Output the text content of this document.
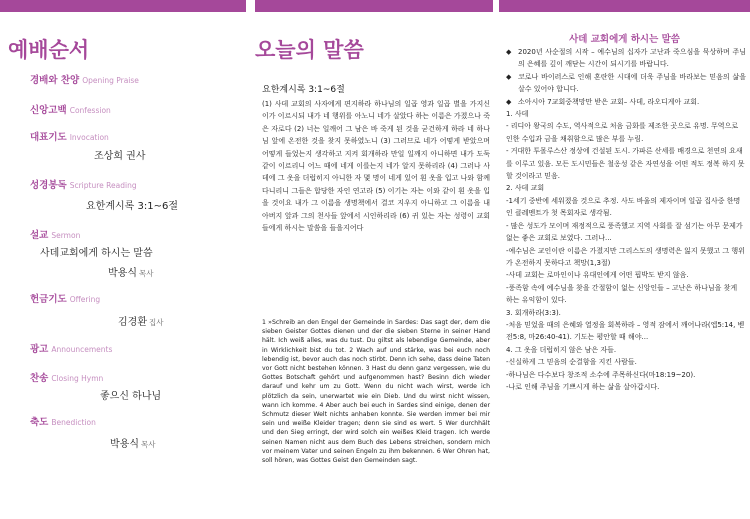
예배순서
경배와 찬양 Opening Praise
신앙고백 Confession
대표기도 Invocation
조상희 권사
성경봉독 Scripture Reading
요한계시록 3:1~6절
설교 Sermon
사데교회에게 하시는 말씀
박용식 목사
헌금기도 Offering
김경환 집사
광고 Announcements
찬송 Closing Hymn
좋으신 하나님
축도 Benediction
박용식 목사
오늘의 말씀
요한계시록 3:1~6절

(1) 사데 교회의 사자에게 편지하라 하나님의 일곱 영과 일곱 별을 가지신 이가 이르시되 내가 네 행위를 아노니 네가 살았다 하는 이름은 가졌으나 죽은 자로다 (2) 너는 일깨어 그 남은 바 죽게 된 것을 굳건하게 하라 네 하나님 앞에 온전한 것을 찾지 못하였노니 (3) 그러므로 네가 어떻게 받았으며 어떻게 들었는지 생각하고 지켜 회개하라 만일 일깨지 아니하면 내가 도둑 같이 이르리니 어느 때에 네게 이를는지 네가 알지 못하리라 (4) 그러나 사데에 그 옷을 더럽히지 아니한 자 몇 명이 네게 있어 흰 옷을 입고 나와 함께 다니리니 그들은 합당한 자인 연고라 (5) 이기는 자는 이와 같이 흰 옷을 입을 것이요 내가 그 이름을 생명책에서 결코 지우지 아니하고 그 이름을 내 아버지 앞과 그의 천사들 앞에서 시인하리라 (6) 귀 있는 자는 성령이 교회들에게 하시는 말씀을 들을지어다

1 »Schreib an den Engel der Gemeinde in Sardes: Das sagt der, dem die sieben Geister Gottes dienen und der die sieben Sterne in seiner Hand hält. Ich weiß alles, was du tust. Du giltst als lebendige Gemeinde, aber in Wirklichkeit bist du tot. 2 Wach auf und stärke, was bei euch noch lebendig ist, bevor auch das noch stirbt. Denn ich sehe, dass deine Taten vor Gott nicht bestehen können. 3 Hast du denn ganz vergessen, wie du Gottes Botschaft gehört und aufgenommen hast? Besinn dich wieder darauf und kehr um zu Gott. Wenn du nicht wach wirst, werde ich plötzlich da sein, unerwartet wie ein Dieb. Und du wirst nicht wissen, wann ich komme. 4 Aber auch bei euch in Sardes sind einige, denen der Schmutz dieser Welt nichts anhaben konnte. Sie werden immer bei mir sein und weiße Kleider tragen; denn sie sind es wert. 5 Wer durchhält und den Sieg erringt, der wird solch ein weißes Kleid tragen. Ich werde seinen Namen nicht aus dem Buch des Lebens streichen, sondern mich vor meinem Vater und seinen Engeln zu ihm bekennen. 6 Wer Ohren hat, soll hören, was Gottes Geist den Gemeinden sagt.

사데 교회에게 하시는 말씀
◆ 2020년 사순절의 시작 – 예수님의 십자가 고난과 죽으심을 묵상하며 주님의 은혜를 깊이 깨닫는 시간이 되시기를 바랍니다.
◆ 코로나 바이러스로 인해 혼란한 시대에 더욱 주님을 바라보는 믿음의 삶을 살수 있어야 합니다.
◆ 소아시아 7교회중책망만 받은 교회– 사데, 라오디게아 교회.

1. 사데

- 리디아 왕국의 수도, 역사적으로 처음 금화를 제조한 곳으로 유명. 무역으로 인한 수입과 금을 채취함으로 많은 부를 누림.

- 거대한 투몰루스산 정상에 건설된 도시. 가파른 산세를 배경으로 천연의 요새를 이루고 있음. 모든 도시민들은 철옹성 같은 자연성을 어떤 적도 정복 하지 못할 것이라고 믿음.

2. 사데 교회

-1세기 중반에 세워졌을 것으로 추정. 사도 바울의 제자이며 일곱 집사중 한명인 클레멘트가 첫 목회자로 생각됨.

- 많은 성도가 모이며 재정적으로 풍족했고 지역 사회를 잘 섬기는 아무 문제가 없는 좋은 교회로 보였다. 그러나...

-예수님은 교인이란 이름은 가졌지만 그리스도의 생명력은 잃지 못했고 그 행위가 온전하지 못하다고 책망(1,3절)

-사데 교회는 로마인이나 유대인에게 어떤 핍박도 받지 않음.

-풍족함 속에 예수님을 찾을 간절함이 없는 신앙인들 – 고난은 하나님을 찾게 하는 유익함이 있다.

3. 회개하라(3:3).

-처음 믿었을 때의 은혜와 열정을 회복하라 – 영적 잠에서 깨어나라(엡5:14, 벧전5:8, 마26:40-41). 기도는 평안할 때 해야...

4. 그 옷을 더럽히지 않은 남은 자들.

-신실하게 그 믿음의 순결함을 지킨 사람들.

-하나님은 다수보다 창조적 소수에 주목하신다(마18:19~20).

-나로 인해 주님을 기쁘시게 하는 삶을 살아갑시다.
